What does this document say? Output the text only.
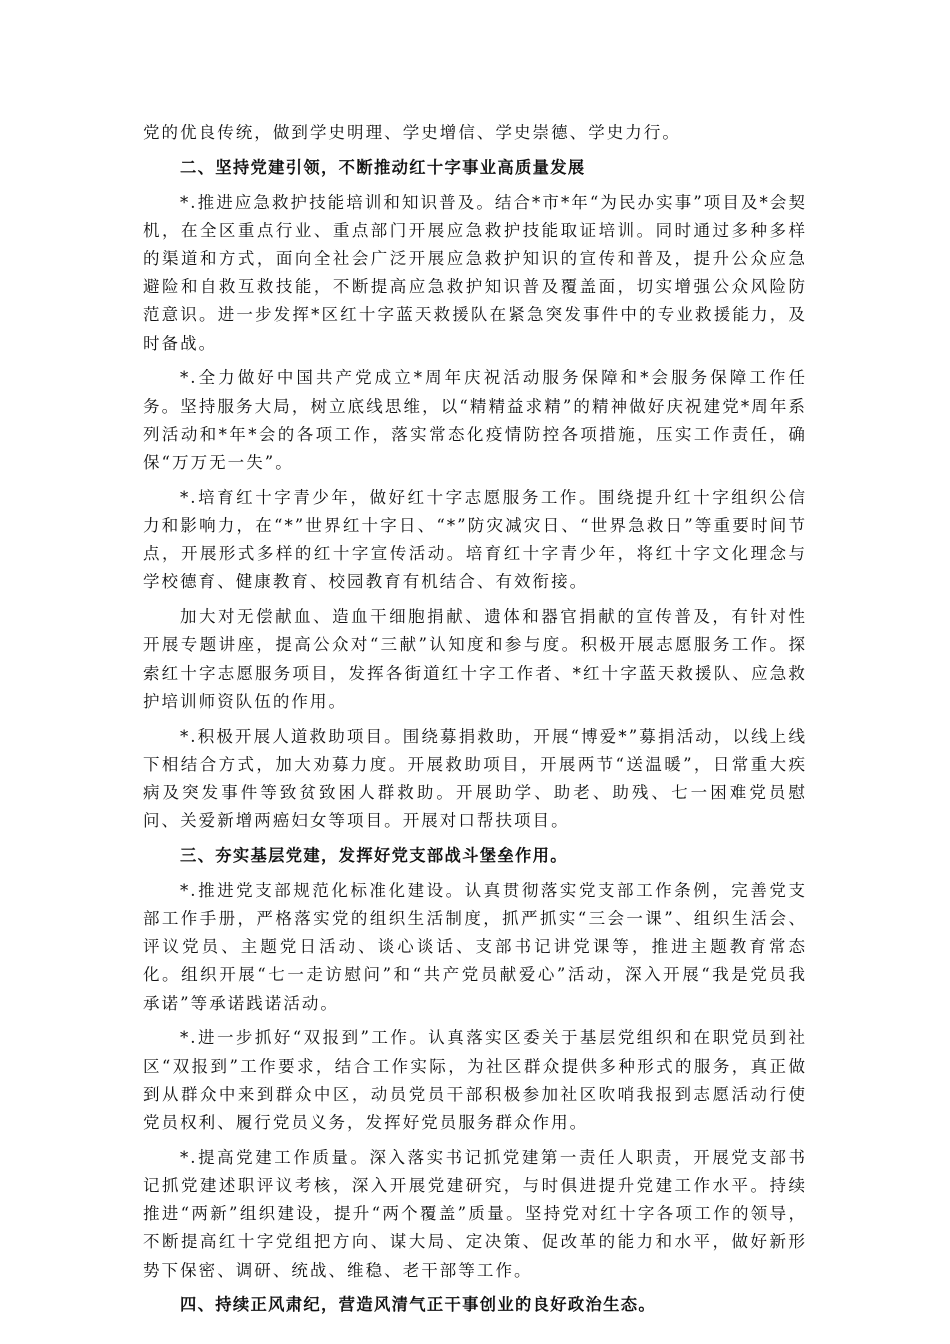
党的优良传统，做到学史明理、学史增信、学史崇德、学史力行。

二、坚持党建引领，不断推动红十字事业高质量发展

*.推进应急救护技能培训和知识普及。结合*市*年“为民办实事”项目及*会契机，在全区重点行业、重点部门开展应急救护技能取证培训。同时通过多种多样的渠道和方式，面向全社会广泛开展应急救护知识的宣传和普及，提升公众应急避险和自救互救技能，不断提高应急救护知识普及覆盖面，切实增强公众风险防范意识。进一步发挥*区红十字蓝天救援队在紧急突发事件中的专业救援能力，及时备战。

*.全力做好中国共产党成立*周年庆祝活动服务保障和*会服务保障工作任务。坚持服务大局，树立底线思维，以“精精益求精”的精神做好庆祝建党*周年系列活动和*年*会的各项工作，落实常态化疫情防控各项措施，压实工作责任，确保“万万无一失”。

*.培育红十字青少年，做好红十字志愿服务工作。围绕提升红十字组织公信力和影响力，在“*”世界红十字日、“*”防灾减灾日、“世界急救日”等重要时间节点，开展形式多样的红十字宣传活动。培育红十字青少年，将红十字文化理念与学校德育、健康教育、校园教育有机结合、有效衔接。

加大对无偿献血、造血干细胞捐献、遗体和器官捐献的宣传普及，有针对性开展专题讲座，提高公众对“三献”认知度和参与度。积极开展志愿服务工作。探索红十字志愿服务项目，发挥各街道红十字工作者、*红十字蓝天救援队、应急救护培训师资队伍的作用。

*.积极开展人道救助项目。围绕募捐救助，开展“博爱*”募捐活动，以线上线下相结合方式，加大劝募力度。开展救助项目，开展两节“送温暖”，日常重大疾病及突发事件等致贫致困人群救助。开展助学、助老、助残、七一困难党员慰问、关爱新增两癌妇女等项目。开展对口帮扶项目。

三、夯实基层党建，发挥好党支部战斗堡垒作用。

*.推进党支部规范化标准化建设。认真贯彻落实党支部工作条例，完善党支部工作手册，严格落实党的组织生活制度，抓严抓实“三会一课”、组织生活会、评议党员、主题党日活动、谈心谈话、支部书记讲党课等，推进主题教育常态化。组织开展“七一走访慰问”和“共产党员献爱心”活动，深入开展“我是党员我承诺”等承诺践诺活动。

*.进一步抓好“双报到”工作。认真落实区委关于基层党组织和在职党员到社区“双报到”工作要求，结合工作实际，为社区群众提供多种形式的服务，真正做到从群众中来到群众中区，动员党员干部积极参加社区吹哨我报到志愿活动行使党员权利、履行党员义务，发挥好党员服务群众作用。

*.提高党建工作质量。深入落实书记抓党建第一责任人职责，开展党支部书记抓党建述职评议考核，深入开展党建研究，与时俱进提升党建工作水平。持续推进“两新”组织建设，提升“两个覆盖”质量。坚持党对红十字各项工作的领导，不断提高红十字党组把方向、谋大局、定决策、促改革的能力和水平，做好新形势下保密、调研、统战、维稳、老干部等工作。

四、持续正风肃纪，营造风清气正干事创业的良好政治生态。
